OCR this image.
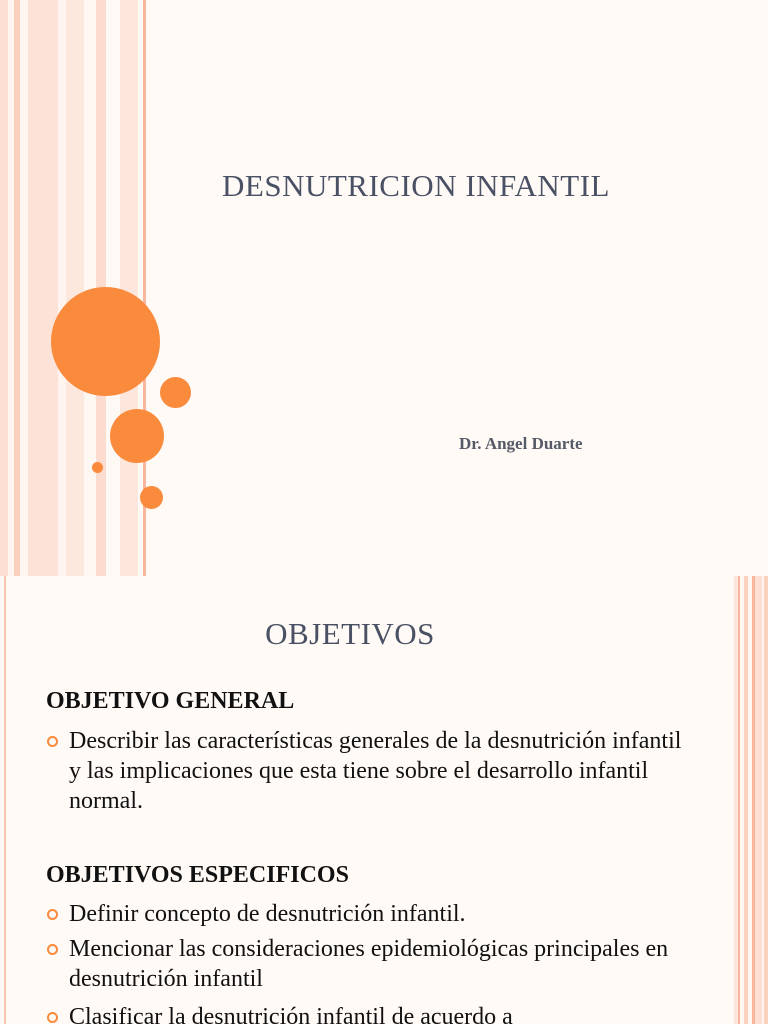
DESNUTRICION INFANTIL
Dr. Angel Duarte
OBJETIVOS
OBJETIVO GENERAL
Describir las características generales de la desnutrición infantil y las implicaciones que esta tiene sobre el desarrollo infantil normal.
OBJETIVOS ESPECIFICOS
Definir concepto de desnutrición infantil.
Mencionar las consideraciones epidemiológicas principales en desnutrición infantil
Clasificar la desnutrición infantil de acuerdo a
